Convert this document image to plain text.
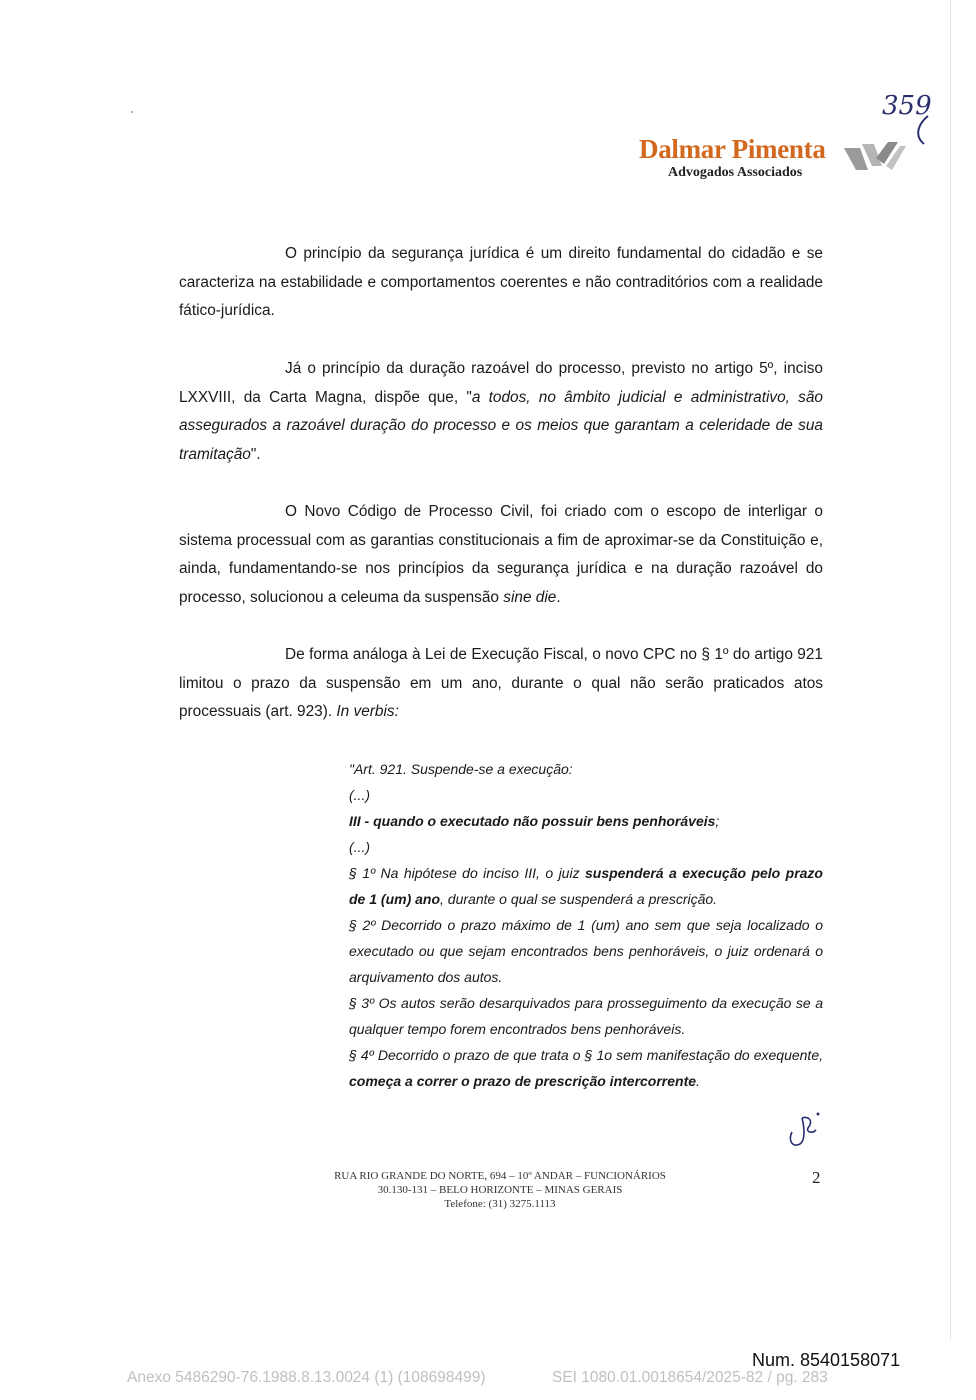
359
Dalmar Pimenta
Advogados Associados

O princípio da segurança jurídica é um direito fundamental do cidadão e se caracteriza na estabilidade e comportamentos coerentes e não contraditórios com a realidade fático-jurídica.

Já o princípio da duração razoável do processo, previsto no artigo 5º, inciso LXXVIII, da Carta Magna, dispõe que, "a todos, no âmbito judicial e administrativo, são assegurados a razoável duração do processo e os meios que garantam a celeridade de sua tramitação".

O Novo Código de Processo Civil, foi criado com o escopo de interligar o sistema processual com as garantias constitucionais a fim de aproximar-se da Constituição e, ainda, fundamentando-se nos princípios da segurança jurídica e na duração razoável do processo, solucionou a celeuma da suspensão sine die.

De forma análoga à Lei de Execução Fiscal, o novo CPC no § 1º do artigo 921 limitou o prazo da suspensão em um ano, durante o qual não serão praticados atos processuais (art. 923). In verbis:

"Art. 921. Suspende-se a execução:
(...)
III - quando o executado não possuir bens penhoráveis;
(...)
§ 1º Na hipótese do inciso III, o juiz suspenderá a execução pelo prazo de 1 (um) ano, durante o qual se suspenderá a prescrição.
§ 2º Decorrido o prazo máximo de 1 (um) ano sem que seja localizado o executado ou que sejam encontrados bens penhoráveis, o juiz ordenará o arquivamento dos autos.
§ 3º Os autos serão desarquivados para prosseguimento da execução se a qualquer tempo forem encontrados bens penhoráveis.
§ 4º Decorrido o prazo de que trata o § 1o sem manifestação do exequente, começa a correr o prazo de prescrição intercorrente.
RUA RIO GRANDE DO NORTE, 694 – 10º ANDAR – FUNCIONÁRIOS
30.130-131 – BELO HORIZONTE – MINAS GERAIS
Telefone: (31) 3275.1113
2
Num. 8540158071
Anexo 5486290-76.1988.8.13.0024 (1) (108698499)	SEI 1080.01.0018654/2025-82 / pg. 283
